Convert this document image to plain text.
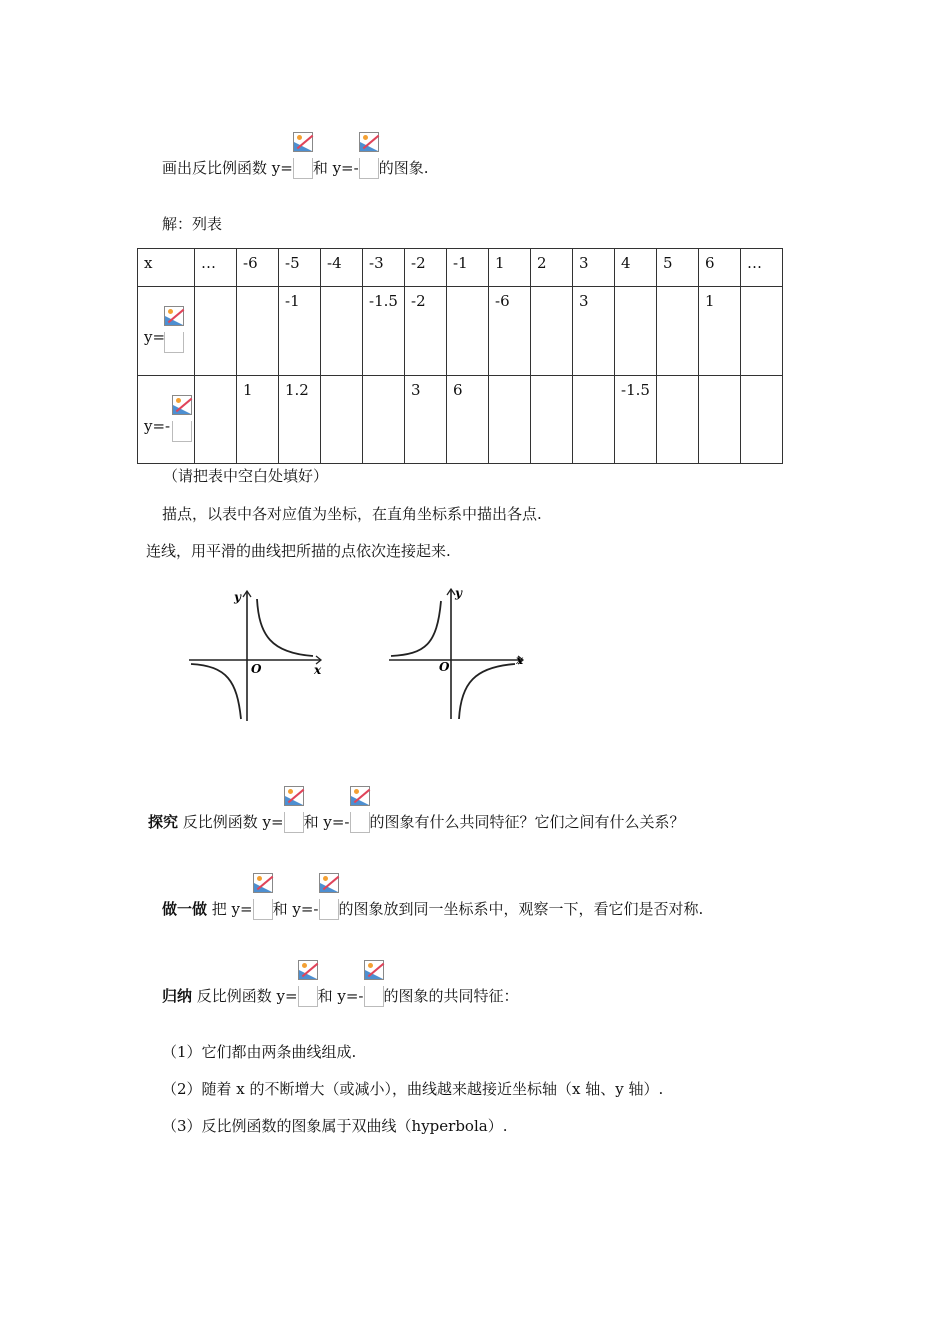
画出反比例函数 y= 和 y=- 的图象.
解：列表
x	…	-6	-5	-4	-3	-2	-1	1	2	3	4	5	6	…

y=			-1		-1.5	-2		-6		3			1	

y=-		1	1.2			3	6				-1.5			
（请把表中空白处填好）
描点，以表中各对应值为坐标，在直角坐标系中描出各点.
连线，用平滑的曲线把所描的点依次连接起来.
y
x
O
y
x
O
探究 反比例函数 y= 和 y=- 的图象有什么共同特征？它们之间有什么关系？
做一做 把 y= 和 y=- 的图象放到同一坐标系中，观察一下，看它们是否对称.
归纳 反比例函数 y= 和 y=- 的图象的共同特征：
（1）它们都由两条曲线组成.
（2）随着 x 的不断增大（或减小），曲线越来越接近坐标轴（x 轴、y 轴）.
（3）反比例函数的图象属于双曲线（hyperbola）.
